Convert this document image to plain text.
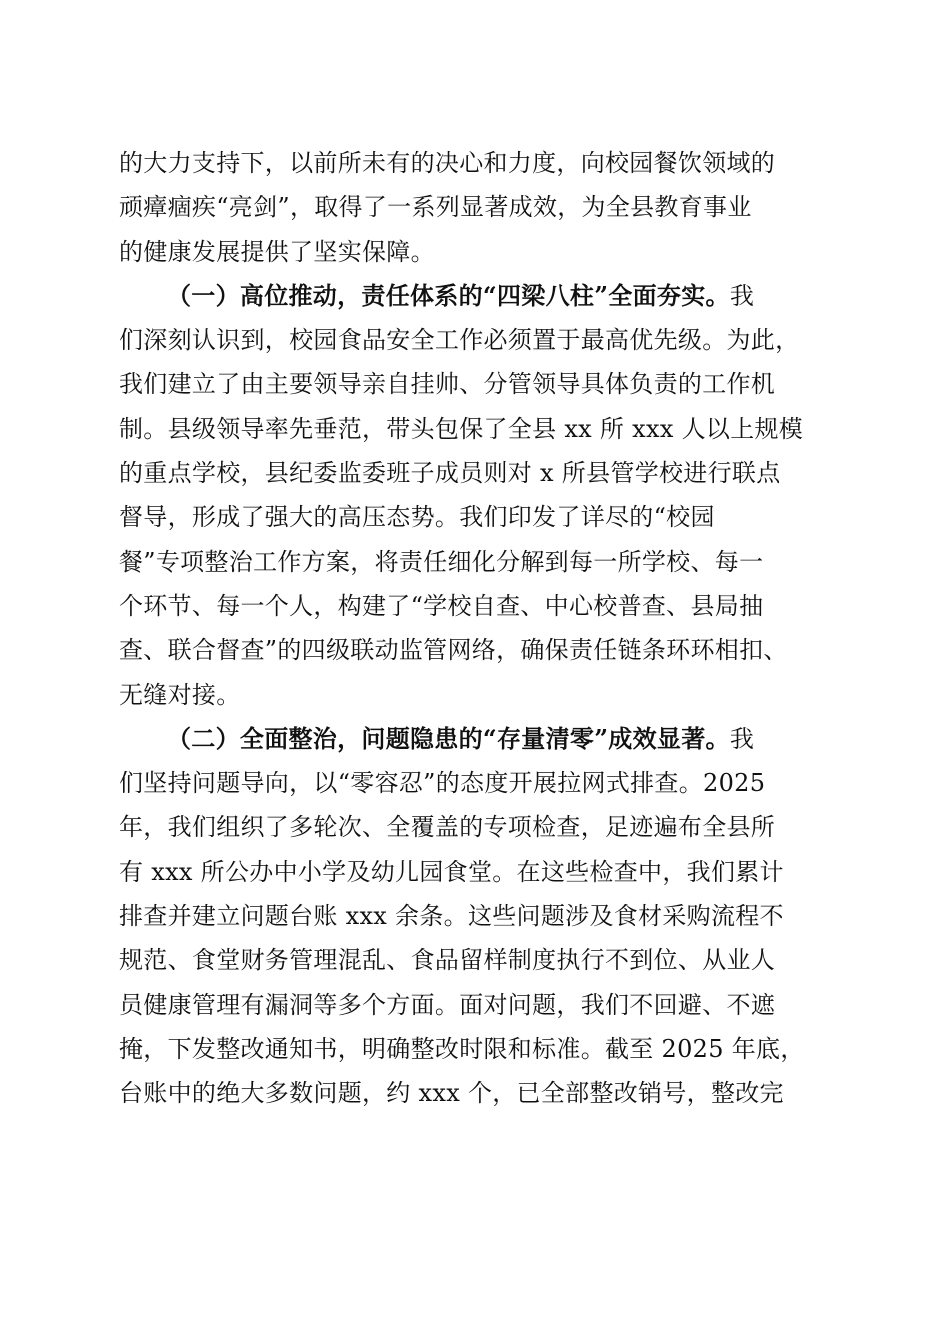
的大力支持下，以前所未有的决心和力度，向校园餐饮领域的
顽瘴痼疾“亮剑”，取得了一系列显著成效，为全县教育事业
的健康发展提供了坚实保障。
（一）高位推动，责任体系的“四梁八柱”全面夯实。我
们深刻认识到，校园食品安全工作必须置于最高优先级。为此，
我们建立了由主要领导亲自挂帅、分管领导具体负责的工作机
制。县级领导率先垂范，带头包保了全县 xx 所 xxx 人以上规模
的重点学校，县纪委监委班子成员则对 x 所县管学校进行联点
督导，形成了强大的高压态势。我们印发了详尽的“校园
餐”专项整治工作方案，将责任细化分解到每一所学校、每一
个环节、每一个人，构建了“学校自查、中心校普查、县局抽
查、联合督查”的四级联动监管网络，确保责任链条环环相扣、
无缝对接。
（二）全面整治，问题隐患的“存量清零”成效显著。我
们坚持问题导向，以“零容忍”的态度开展拉网式排查。2025
年，我们组织了多轮次、全覆盖的专项检查，足迹遍布全县所
有 xxx 所公办中小学及幼儿园食堂。在这些检查中，我们累计
排查并建立问题台账 xxx 余条。这些问题涉及食材采购流程不
规范、食堂财务管理混乱、食品留样制度执行不到位、从业人
员健康管理有漏洞等多个方面。面对问题，我们不回避、不遮
掩，下发整改通知书，明确整改时限和标准。截至 2025 年底，
台账中的绝大多数问题，约 xxx 个，已全部整改销号，整改完
